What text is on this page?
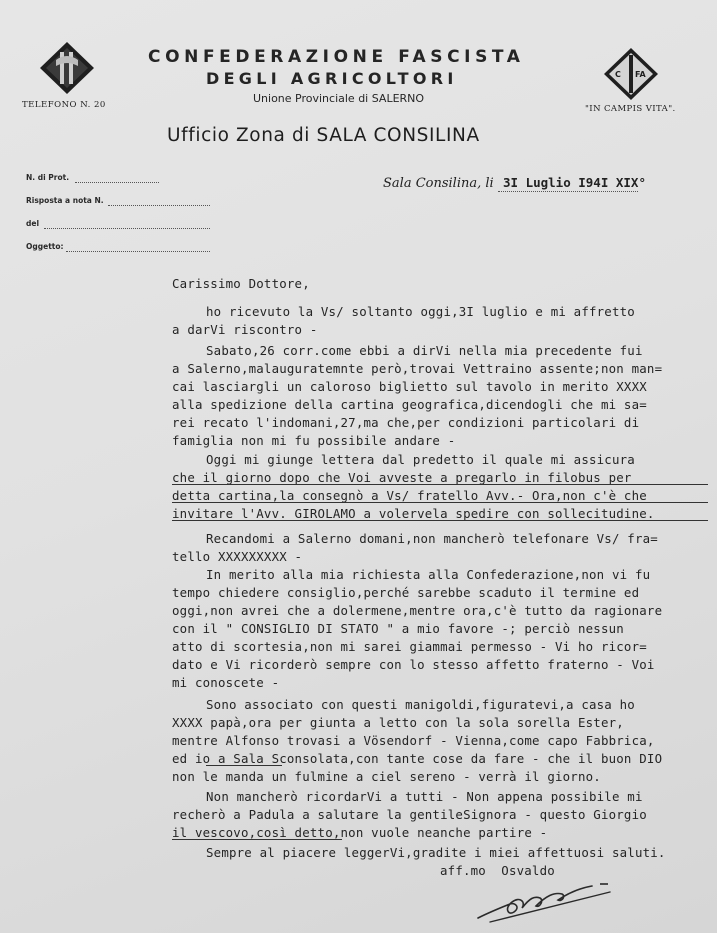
C FA
CONFEDERAZIONE FASCISTA
DEGLI AGRICOLTORI
Unione Provinciale di SALERNO
TELEFONO N. 20	"IN CAMPIS VITA".
Ufficio Zona di SALA CONSILINA
N. di Prot.
Risposta a nota N.
del
Oggetto:
Sala Consilina, li 3I Luglio I94I XIX°
Carissimo Dottore,
ho ricevuto la Vs/ soltanto oggi,3I luglio e mi affretto
a darVi riscontro -
Sabato,26 corr.come ebbi a dirVi nella mia precedente fui
a Salerno,malauguratemnte però,trovai Vettraino assente;non man=
cai lasciargli un caloroso biglietto sul tavolo in merito XXXX
alla spedizione della cartina geografica,dicendogli che mi sa=
rei recato l'indomani,27,ma che,per condizioni particolari di
famiglia non mi fu possibile andare -
Oggi mi giunge lettera dal predetto il quale mi assicura
che il giorno dopo che Voi avveste a pregarlo in filobus per
detta cartina,la consegnò a Vs/ fratello Avv.- Ora,non c'è che
invitare l'Avv. GIROLAMO a volervela spedire con sollecitudine.
Recandomi a Salerno domani,non mancherò telefonare Vs/ fra=
tello XXXXXXXXX -
In merito alla mia richiesta alla Confederazione,non vi fu
tempo chiedere consiglio,perché sarebbe scaduto il termine ed
oggi,non avrei che a dolermene,mentre ora,c'è tutto da ragionare
con il " CONSIGLIO DI STATO " a mio favore -; perciò nessun
atto di scortesia,non mi sarei giammai permesso - Vi ho ricor=
dato e Vi ricorderò sempre con lo stesso affetto fraterno - Voi
mi conoscete -
Sono associato con questi manigoldi,figuratevi,a casa ho
XXXX papà,ora per giunta a letto con la sola sorella Ester,
mentre Alfonso trovasi a Vösendorf - Vienna,come capo Fabbrica,
ed io a Sala Sconsolata,con tante cose da fare - che il buon DIO
non le manda un fulmine a ciel sereno - verrà il giorno.
Non mancherò ricordarVi a tutti - Non appena possibile mi
recherò a Padula a salutare la gentileSignora - questo Giorgio
il vescovo,così detto,non vuole neanche partire -
Sempre al piacere leggerVi,gradite i miei affettuosi saluti.
aff.mo  Osvaldo
